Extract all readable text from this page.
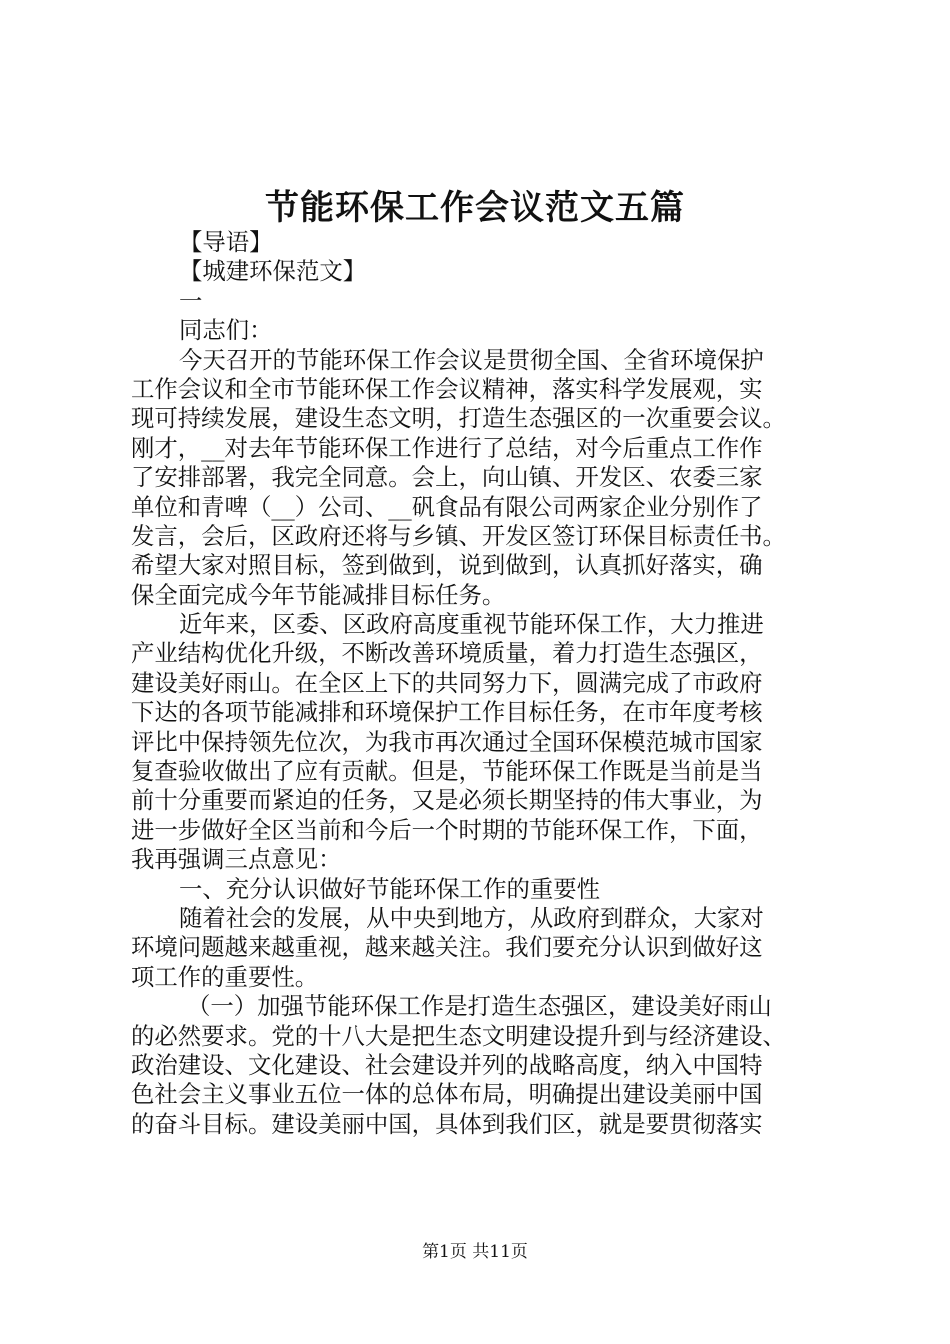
节能环保工作会议范文五篇
【导语】
【城建环保范文】
一
同志们：
今天召开的节能环保工作会议是贯彻全国、全省环境保护
工作会议和全市节能环保工作会议精神，落实科学发展观，实
现可持续发展，建设生态文明，打造生态强区的一次重要会议。
刚才，__对去年节能环保工作进行了总结，对今后重点工作作
了安排部署，我完全同意。会上，向山镇、开发区、农委三家
单位和青啤（__）公司、__矾食品有限公司两家企业分别作了
发言，会后，区政府还将与乡镇、开发区签订环保目标责任书。
希望大家对照目标，签到做到，说到做到，认真抓好落实，确
保全面完成今年节能减排目标任务。
近年来，区委、区政府高度重视节能环保工作，大力推进
产业结构优化升级，不断改善环境质量，着力打造生态强区，
建设美好雨山。在全区上下的共同努力下，圆满完成了市政府
下达的各项节能减排和环境保护工作目标任务，在市年度考核
评比中保持领先位次，为我市再次通过全国环保模范城市国家
复查验收做出了应有贡献。但是，节能环保工作既是当前是当
前十分重要而紧迫的任务，又是必须长期坚持的伟大事业，为
进一步做好全区当前和今后一个时期的节能环保工作，下面，
我再强调三点意见：
一、充分认识做好节能环保工作的重要性
随着社会的发展，从中央到地方，从政府到群众，大家对
环境问题越来越重视，越来越关注。我们要充分认识到做好这
项工作的重要性。
（一）加强节能环保工作是打造生态强区，建设美好雨山
的必然要求。党的十八大是把生态文明建设提升到与经济建设、
政治建设、文化建设、社会建设并列的战略高度，纳入中国特
色社会主义事业五位一体的总体布局，明确提出建设美丽中国
的奋斗目标。建设美丽中国，具体到我们区，就是要贯彻落实
第1页 共11页
